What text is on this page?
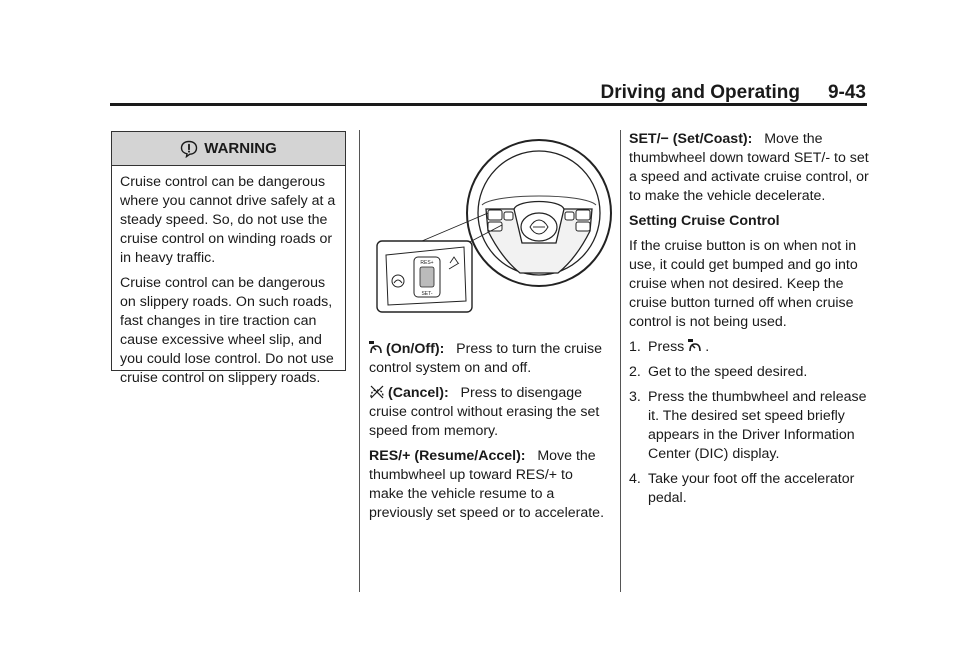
Driving and Operating 9-43
WARNING

Cruise control can be dangerous where you cannot drive safely at a steady speed. So, do not use the cruise control on winding roads or in heavy traffic.

Cruise control can be dangerous on slippery roads. On such roads, fast changes in tire traction can cause excessive wheel slip, and you could lose control. Do not use cruise control on slippery roads.

RES+
SET-

(On/Off): Press to turn the cruise control system on and off.

(Cancel): Press to disengage cruise control without erasing the set speed from memory.

RES/+ (Resume/Accel): Move the thumbwheel up toward RES/+ to make the vehicle resume to a previously set speed or to accelerate.

SET/− (Set/Coast): Move the thumbwheel down toward SET/- to set a speed and activate cruise control, or to make the vehicle decelerate.

Setting Cruise Control

If the cruise button is on when not in use, it could get bumped and go into cruise when not desired. Keep the cruise button turned off when cruise control is not being used.

1. Press .
2. Get to the speed desired.
3. Press the thumbwheel and release it. The desired set speed briefly appears in the Driver Information Center (DIC) display.
4. Take your foot off the accelerator pedal.
